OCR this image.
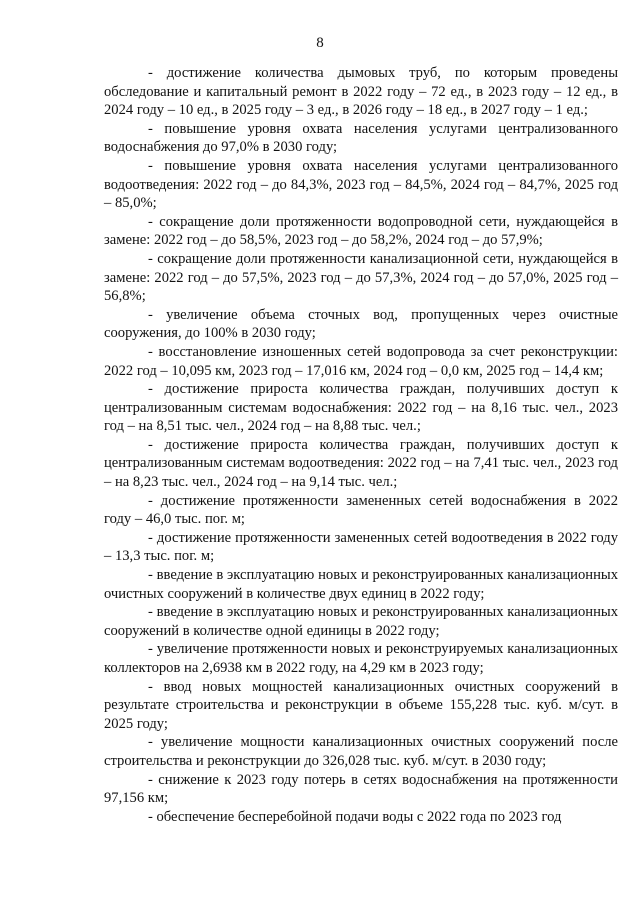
8

- достижение количества дымовых труб, по которым проведены обследование и капитальный ремонт в 2022 году – 72 ед., в 2023 году – 12 ед., в 2024 году – 10 ед., в 2025 году – 3 ед., в 2026 году – 18 ед., в 2027 году – 1 ед.;

- повышение уровня охвата населения услугами централизованного водоснабжения до 97,0% в 2030 году;

- повышение уровня охвата населения услугами централизованного водоотведения: 2022 год – до 84,3%, 2023 год – 84,5%, 2024 год – 84,7%, 2025 год – 85,0%;

- сокращение доли протяженности водопроводной сети, нуждающейся в замене: 2022 год – до 58,5%, 2023 год – до 58,2%, 2024 год – до 57,9%;

- сокращение доли протяженности канализационной сети, нуждающейся в замене: 2022 год – до 57,5%, 2023 год – до 57,3%, 2024 год – до 57,0%, 2025 год – 56,8%;

- увеличение объема сточных вод, пропущенных через очистные сооружения, до 100% в 2030 году;

- восстановление изношенных сетей водопровода за счет реконструкции: 2022 год – 10,095 км, 2023 год – 17,016 км, 2024 год – 0,0 км, 2025 год – 14,4 км;

- достижение прироста количества граждан, получивших доступ к централизованным системам водоснабжения: 2022 год – на 8,16 тыс. чел., 2023 год – на 8,51 тыс. чел., 2024 год – на 8,88 тыс. чел.;

- достижение прироста количества граждан, получивших доступ к централизованным системам водоотведения: 2022 год – на 7,41 тыс. чел., 2023 год – на 8,23 тыс. чел., 2024 год – на 9,14 тыс. чел.;

- достижение протяженности замененных сетей водоснабжения в 2022 году – 46,0 тыс. пог. м;

- достижение протяженности замененных сетей водоотведения в 2022 году – 13,3 тыс. пог. м;

- введение в эксплуатацию новых и реконструированных канализационных очистных сооружений в количестве двух единиц в 2022 году;

- введение в эксплуатацию новых и реконструированных канализационных сооружений в количестве одной единицы в 2022 году;

- увеличение протяженности новых и реконструируемых канализационных коллекторов на 2,6938 км в 2022 году, на 4,29 км в 2023 году;

- ввод новых мощностей канализационных очистных сооружений в результате строительства и реконструкции в объеме 155,228 тыс. куб. м/сут. в 2025 году;

- увеличение мощности канализационных очистных сооружений после строительства и реконструкции до 326,028 тыс. куб. м/сут. в 2030 году;

- снижение к 2023 году потерь в сетях водоснабжения на протяженности 97,156 км;

- обеспечение бесперебойной подачи воды с 2022 года по 2023 год
